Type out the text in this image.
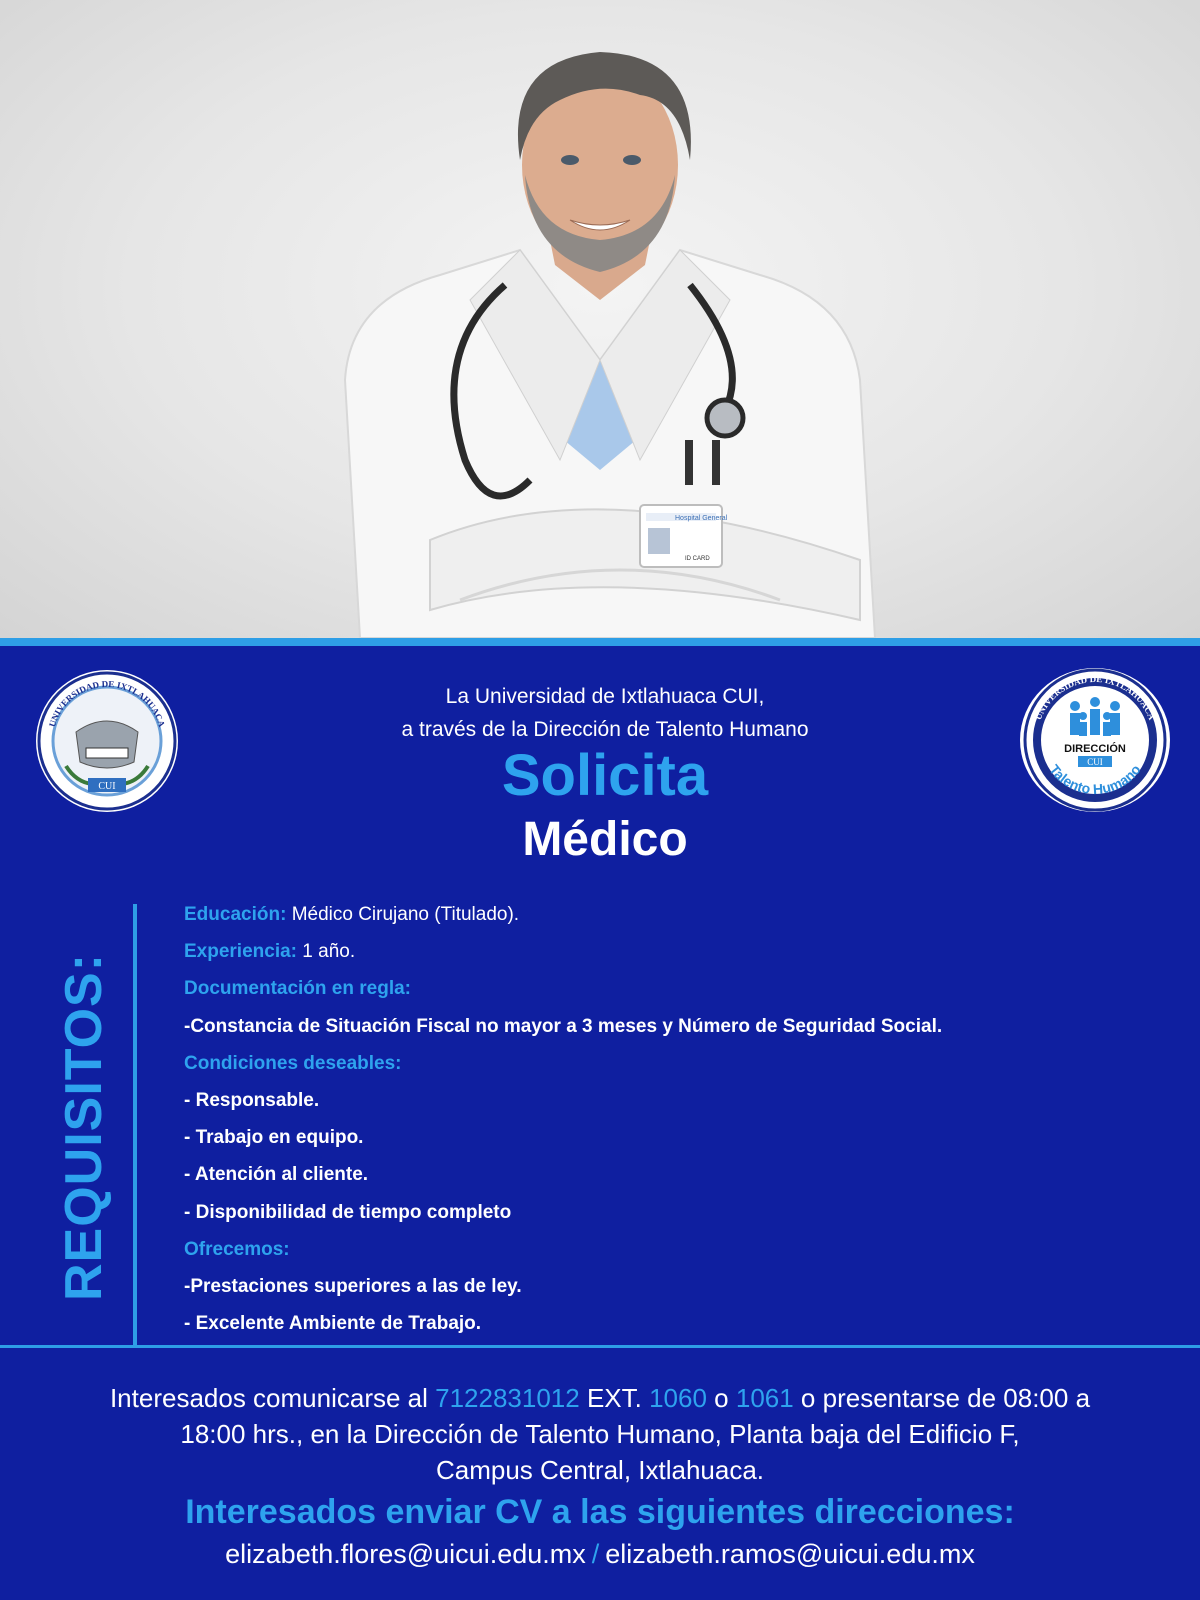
Hospital General
ID CARD
UNIVERSIDAD DE IXTLAHUACA
CUI
UNIVERSIDAD DE IXTLAHUACA
DIRECCIÓN
CUI
Talento Humano
La Universidad de Ixtlahuaca CUI,
a través de la Dirección de Talento Humano
Solicita
Médico
REQUISITOS:
Educación: Médico Cirujano (Titulado).
Experiencia: 1 año.
Documentación en regla:
-Constancia de Situación Fiscal no mayor a 3 meses y Número de Seguridad Social.
Condiciones deseables:
- Responsable.
- Trabajo en equipo.
- Atención al cliente.
- Disponibilidad de tiempo completo
Ofrecemos:
-Prestaciones superiores a las de ley.
- Excelente Ambiente de Trabajo.
Interesados comunicarse al 7122831012 EXT. 1060 o 1061 o presentarse de 08:00 a
18:00 hrs., en la Dirección de Talento Humano, Planta baja del Edificio F,
Campus Central, Ixtlahuaca.
Interesados enviar CV a las siguientes direcciones:
elizabeth.flores@uicui.edu.mx / elizabeth.ramos@uicui.edu.mx
